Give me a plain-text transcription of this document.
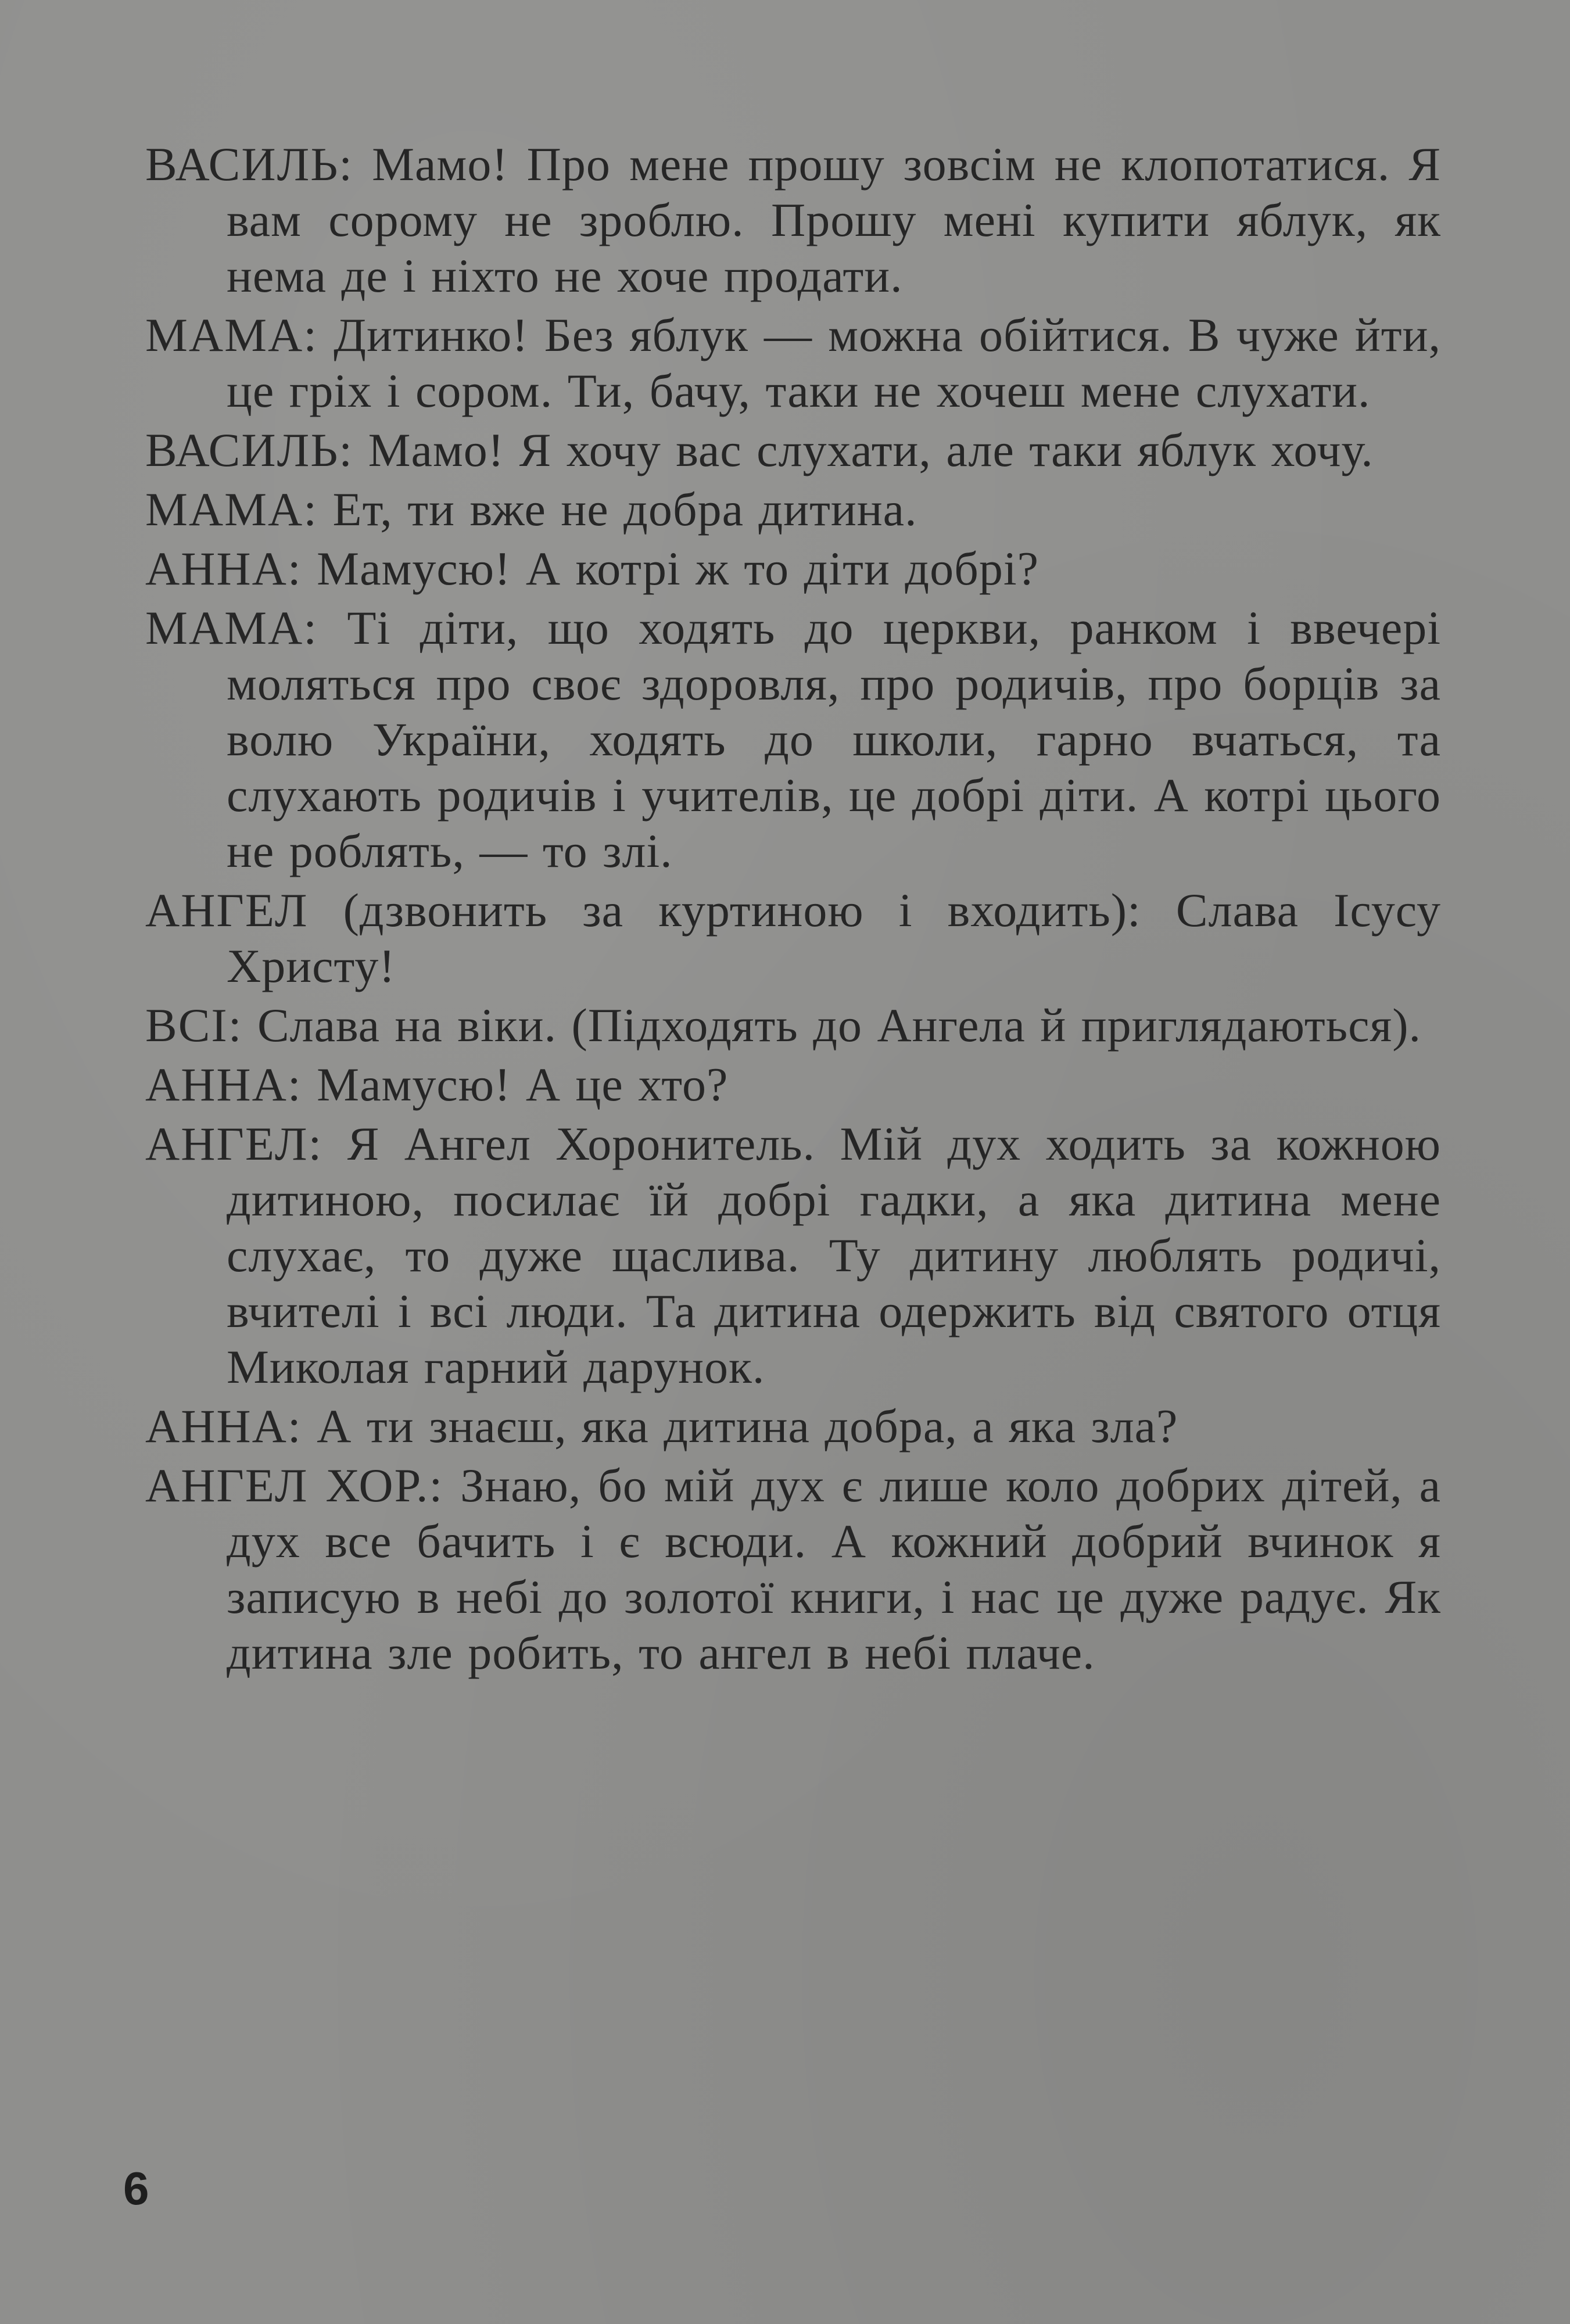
ВАСИЛЬ: Мамо! Про мене прошу зовсім не клопотатися. Я вам сорому не зроблю. Прошу мені купити яблук, як нема де і ніхто не хоче продати.

МАМА: Дитинко! Без яблук — можна обійтися. В чуже йти, це гріх і сором. Ти, бачу, таки не хочеш мене слухати.

ВАСИЛЬ: Мамо! Я хочу вас слухати, але таки яблук хочу.

МАМА: Ет, ти вже не добра дитина.

АННА: Мамусю! А котрі ж то діти добрі?

МАМА: Ті діти, що ходять до церкви, ранком і ввечері моляться про своє здоровля, про родичів, про борців за волю України, ходять до школи, гарно вчаться, та слухають родичів і учителів, це добрі діти. А котрі цього не роблять, — то злі.

АНГЕЛ (дзвонить за куртиною і входить): Слава Ісусу Христу!

ВСІ: Слава на віки. (Підходять до Ангела й приглядаються).

АННА: Мамусю! А це хто?

АНГЕЛ: Я Ангел Хоронитель. Мій дух ходить за кожною дитиною, посилає їй добрі гадки, а яка дитина мене слухає, то дуже щаслива. Ту дитину люблять родичі, вчителі і всі люди. Та дитина одержить від святого отця Миколая гарний дарунок.

АННА: А ти знаєш, яка дитина добра, а яка зла?

АНГЕЛ ХОР.: Знаю, бо мій дух є лише коло добрих дітей, а дух все бачить і є всюди. А кожний добрий вчинок я записую в небі до золотої книги, і нас це дуже радує. Як дитина зле робить, то ангел в небі плаче.

6
